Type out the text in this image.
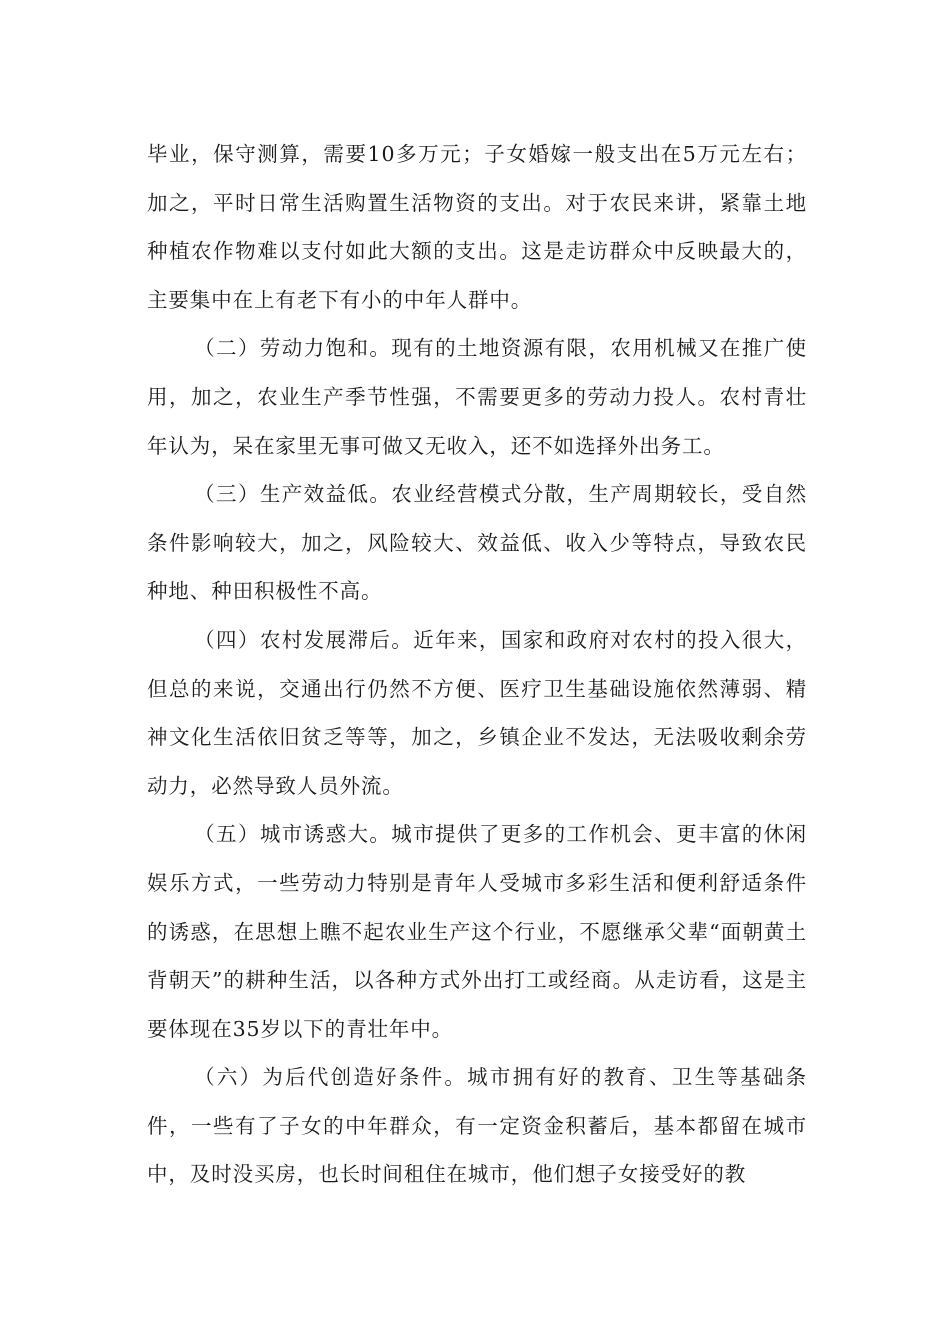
毕业，保守测算，需要10多万元；子女婚嫁一般支出在5万元左右；加之，平时日常生活购置生活物资的支出。对于农民来讲，紧靠土地种植农作物难以支付如此大额的支出。这是走访群众中反映最大的，主要集中在上有老下有小的中年人群中。

（二）劳动力饱和。现有的土地资源有限，农用机械又在推广使用，加之，农业生产季节性强，不需要更多的劳动力投人。农村青壮年认为，呆在家里无事可做又无收入，还不如选择外出务工。

（三）生产效益低。农业经营模式分散，生产周期较长，受自然条件影响较大，加之，风险较大、效益低、收入少等特点，导致农民种地、种田积极性不高。

（四）农村发展滞后。近年来，国家和政府对农村的投入很大，但总的来说，交通出行仍然不方便、医疗卫生基础设施依然薄弱、精神文化生活依旧贫乏等等，加之，乡镇企业不发达，无法吸收剩余劳动力，必然导致人员外流。

（五）城市诱惑大。城市提供了更多的工作机会、更丰富的休闲娱乐方式，一些劳动力特别是青年人受城市多彩生活和便利舒适条件的诱惑，在思想上瞧不起农业生产这个行业，不愿继承父辈“面朝黄土背朝天”的耕种生活，以各种方式外出打工或经商。从走访看，这是主要体现在35岁以下的青壮年中。

（六）为后代创造好条件。城市拥有好的教育、卫生等基础条件，一些有了子女的中年群众，有一定资金积蓄后，基本都留在城市中，及时没买房，也长时间租住在城市，他们想子女接受好的教
